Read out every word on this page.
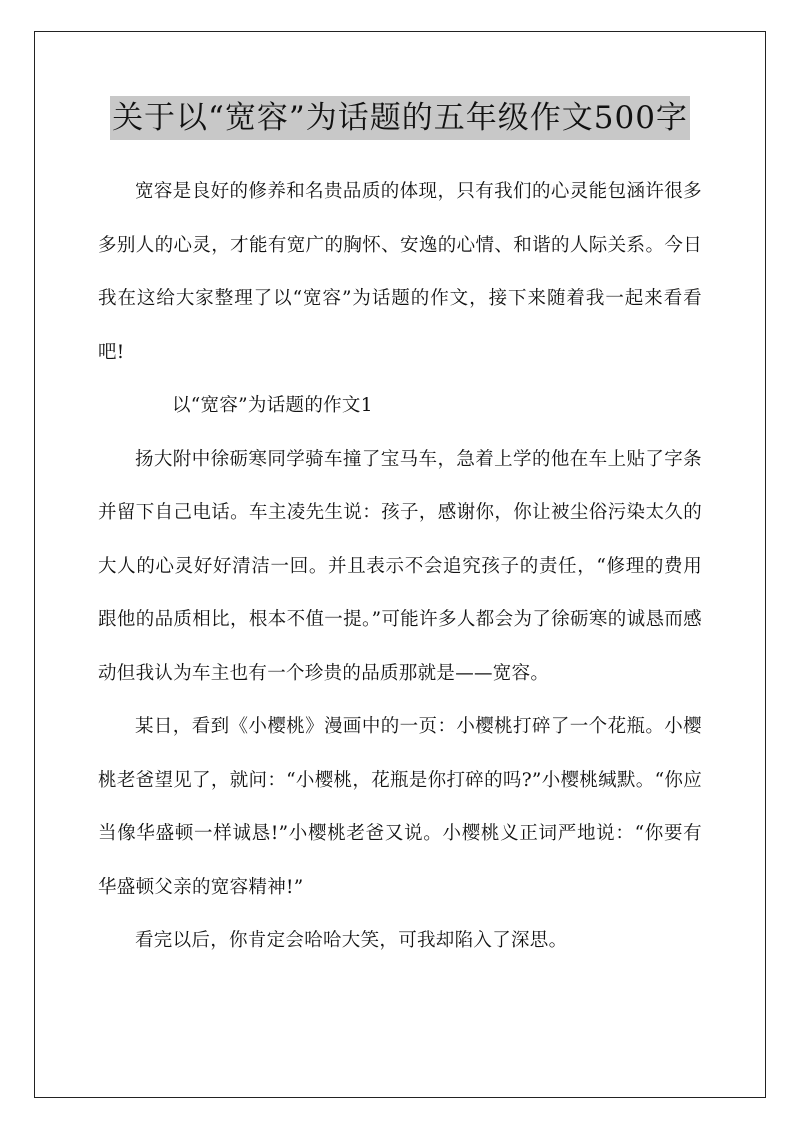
关于以“宽容”为话题的五年级作文500字

宽容是良好的修养和名贵品质的体现，只有我们的心灵能包涵许很多多别人的心灵，才能有宽广的胸怀、安逸的心情、和谐的人际关系。今日我在这给大家整理了以“宽容”为话题的作文，接下来随着我一起来看看吧!

以“宽容”为话题的作文1

扬大附中徐砺寒同学骑车撞了宝马车，急着上学的他在车上贴了字条并留下自己电话。车主凌先生说：孩子，感谢你，你让被尘俗污染太久的大人的心灵好好清洁一回。并且表示不会追究孩子的责任，“修理的费用跟他的品质相比，根本不值一提。”可能许多人都会为了徐砺寒的诚恳而感动但我认为车主也有一个珍贵的品质那就是——宽容。

某日，看到《小樱桃》漫画中的一页：小樱桃打碎了一个花瓶。小樱桃老爸望见了，就问：“小樱桃，花瓶是你打碎的吗?”小樱桃缄默。“你应当像华盛顿一样诚恳!”小樱桃老爸又说。小樱桃义正词严地说：“你要有华盛顿父亲的宽容精神!”

看完以后，你肯定会哈哈大笑，可我却陷入了深思。
